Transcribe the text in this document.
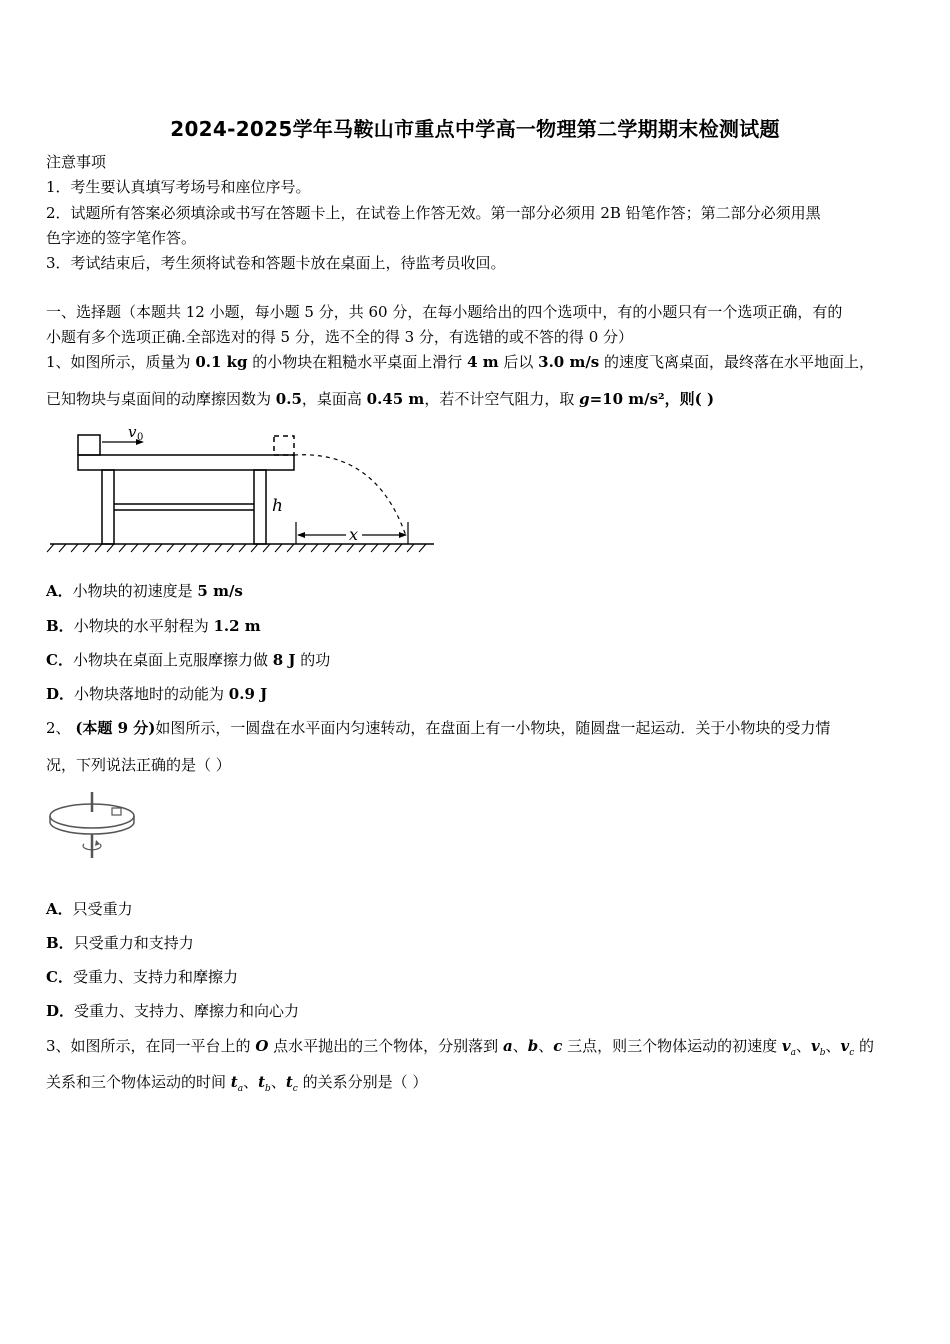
2024-2025学年马鞍山市重点中学高一物理第二学期期末检测试题
注意事项
1．考生要认真填写考场号和座位序号。
2．试题所有答案必须填涂或书写在答题卡上，在试卷上作答无效。第一部分必须用 2B 铅笔作答；第二部分必须用黑
色字迹的签字笔作答。
3．考试结束后，考生须将试卷和答题卡放在桌面上，待监考员收回。
一、选择题（本题共 12 小题，每小题 5 分，共 60 分，在每小题给出的四个选项中，有的小题只有一个选项正确，有的
小题有多个选项正确.全部选对的得 5 分，选不全的得 3 分，有选错的或不答的得 0 分）
1、如图所示，质量为 0.1 kg 的小物块在粗糙水平桌面上滑行 4 m 后以 3.0 m/s 的速度飞离桌面，最终落在水平地面上，
已知物块与桌面间的动摩擦因数为 0.5，桌面高 0.45 m，若不计空气阻力，取 g=10 m/s²，则( )
v 0
h
x
A．小物块的初速度是 5 m/s
B．小物块的水平射程为 1.2 m
C．小物块在桌面上克服摩擦力做 8 J 的功
D．小物块落地时的动能为 0.9 J
2、 (本题 9 分)如图所示，一圆盘在水平面内匀速转动，在盘面上有一小物块，随圆盘一起运动．关于小物块的受力情
况，下列说法正确的是（ ）
A．只受重力
B．只受重力和支持力
C．受重力、支持力和摩擦力
D．受重力、支持力、摩擦力和向心力
3、如图所示，在同一平台上的 O 点水平抛出的三个物体，分别落到 a、b、c 三点，则三个物体运动的初速度 $v_a$、$v_b$、$v_c$ 的
关系和三个物体运动的时间 $t_a$、$t_b$、$t_c$ 的关系分别是（ ）
